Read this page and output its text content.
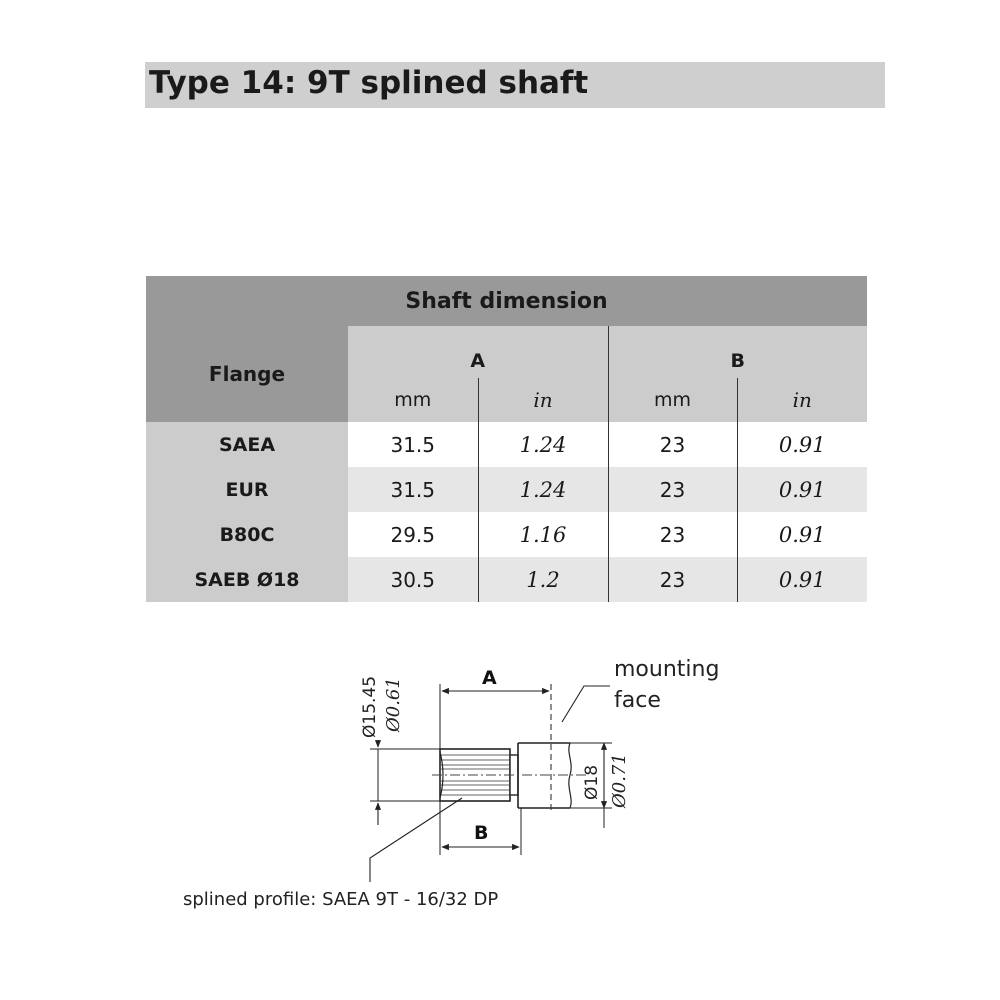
Type 14: 9T splined shaft
Shaft dimension				
Flange	A		B	
	mm	in	mm	in
SAEA	31.5	1.24	23	0.91
EUR	31.5	1.24	23	0.91
B80C	29.5	1.16	23	0.91
SAEB Ø18	30.5	1.2	23	0.91
A
B
Ø15.45 Ø0.61
Ø18 Ø0.71
mounting
face
splined profile: SAEA 9T - 16/32 DP
